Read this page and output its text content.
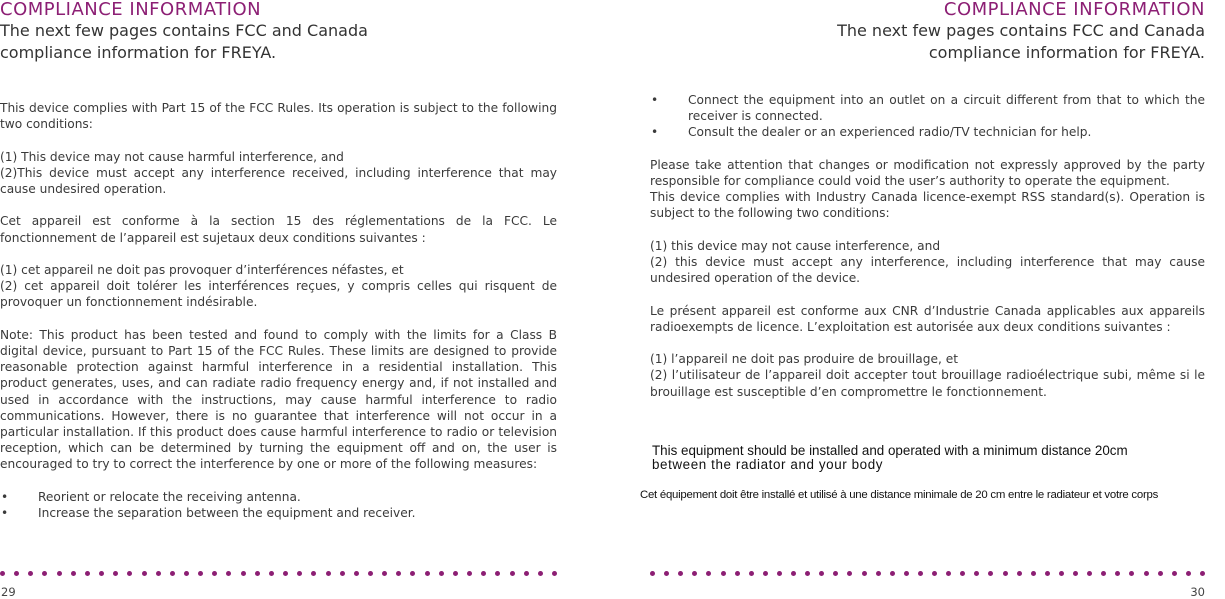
COMPLIANCE INFORMATION

The next few pages contains FCC and Canada

compliance information for FREYA.

This device complies with Part 15 of the FCC Rules. Its operation is subject to the following two conditions:

(1) This device may not cause harmful interference, and

(2)This device must accept any interference received, including interference that may cause undesired operation.

Cet appareil est conforme à la section 15 des réglementations de la FCC. Le fonctionnement de l’appareil est sujetaux deux conditions suivantes :

(1) cet appareil ne doit pas provoquer d’interférences néfastes, et

(2) cet appareil doit tolérer les interférences reçues, y compris celles qui risquent de provoquer un fonctionnement indésirable.

Note: This product has been tested and found to comply with the limits for a Class B digital device, pursuant to Part 15 of the FCC Rules. These limits are designed to provide reasonable protection against harmful interference in a residential installation. This product generates, uses, and can radiate radio frequency energy and, if not installed and used in accordance with the instructions, may cause harmful interference to radio communications. However, there is no guarantee that interference will not occur in a particular installation. If this product does cause harmful interference to radio or television reception, which can be determined by turning the equipment off and on, the user is encouraged to try to correct the interference by one or more of the following measures:

•	Reorient or relocate the receiving antenna.
•	Increase the separation between the equipment and receiver.
29

COMPLIANCE INFORMATION

The next few pages contains FCC and Canada

compliance information for FREYA.

•	Connect the equipment into an outlet on a circuit different from that to which the receiver is connected.
•	Consult the dealer or an experienced radio/TV technician for help.

Please take attention that changes or modification not expressly approved by the party responsible for compliance could void the user’s authority to operate the equipment.

This device complies with Industry Canada licence-exempt RSS standard(s). Operation is subject to the following two conditions:

(1) this device may not cause interference, and

(2) this device must accept any interference, including interference that may cause undesired operation of the device.

Le présent appareil est conforme aux CNR d’Industrie Canada applicables aux appareils radioexempts de licence. L’exploitation est autorisée aux deux conditions suivantes :

(1) l’appareil ne doit pas produire de brouillage, et

(2) l’utilisateur de l’appareil doit accepter tout brouillage radioélectrique subi, même si le brouillage est susceptible d’en compromettre le fonctionnement.

30
This equipment should be installed and operated with a minimum distance 20cm
between the radiator and your body
Cet équipement doit être installé et utilisé à une distance minimale de 20 cm entre le radiateur et votre corps
